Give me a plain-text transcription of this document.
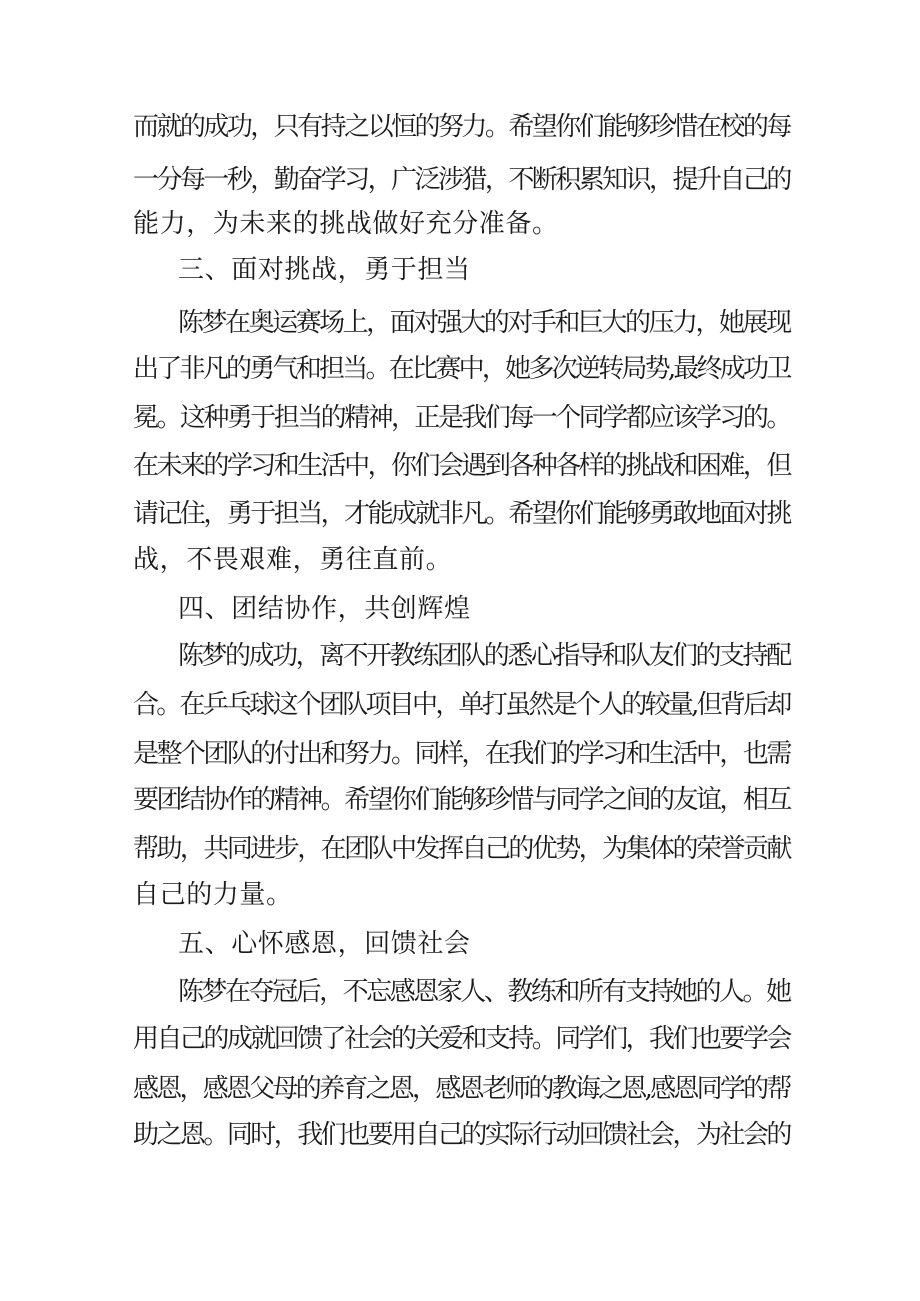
而就的成功，只有持之以恒的努力。希望你们能够珍惜在校的每
一分每一秒，勤奋学习，广泛涉猎，不断积累知识，提升自己的
能力，为未来的挑战做好充分准备。
三、面对挑战，勇于担当
陈梦在奥运赛场上，面对强大的对手和巨大的压力，她展现
出了非凡的勇气和担当。在比赛中，她多次逆转局势,最终成功卫
冕。这种勇于担当的精神，正是我们每一个同学都应该学习的。
在未来的学习和生活中，你们会遇到各种各样的挑战和困难，但
请记住，勇于担当，才能成就非凡。希望你们能够勇敢地面对挑
战，不畏艰难，勇往直前。
四、团结协作，共创辉煌
陈梦的成功，离不开教练团队的悉心指导和队友们的支持配
合。在乒乓球这个团队项目中，单打虽然是个人的较量,但背后却
是整个团队的付出和努力。同样，在我们的学习和生活中，也需
要团结协作的精神。希望你们能够珍惜与同学之间的友谊，相互
帮助，共同进步，在团队中发挥自己的优势，为集体的荣誉贡献
自己的力量。
五、心怀感恩，回馈社会
陈梦在夺冠后，不忘感恩家人、教练和所有支持她的人。她
用自己的成就回馈了社会的关爱和支持。同学们，我们也要学会
感恩，感恩父母的养育之恩，感恩老师的教诲之恩,感恩同学的帮
助之恩。同时，我们也要用自己的实际行动回馈社会，为社会的
